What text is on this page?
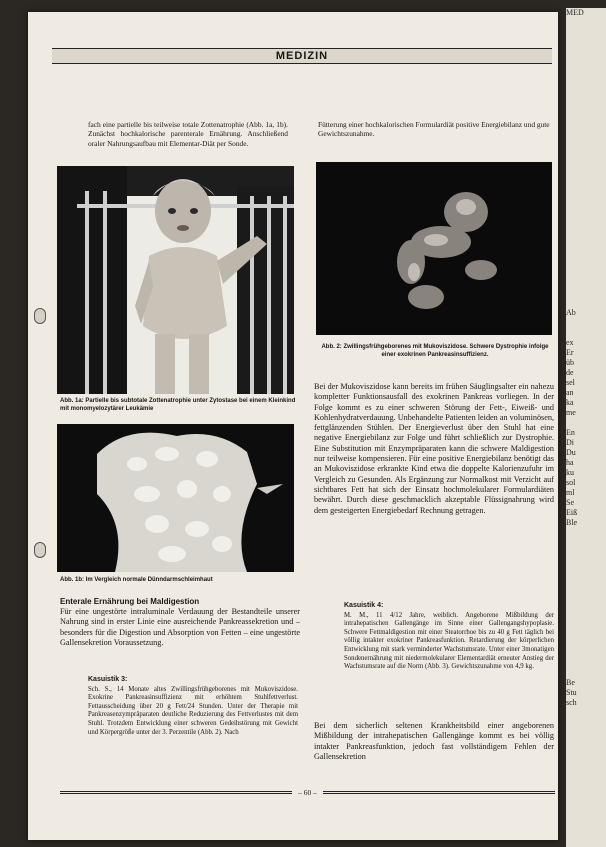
MED

Ab

ex
Er
üb
de
sel
an
ka
me

En
Di
Du
ha
ku
sol
ml
Se
Eiß
Ble

Be
Stu
sch
MEDIZIN
fach eine partielle bis teilweise totale Zottenatrophie (Abb. 1a, 1b). Zunächst hochkalorische parenterale Ernährung. Anschließend oraler Nahrungsaufbau mit Elementar-Diät per Sonde.
Fütterung einer hochkalorischen Formulardiät positive Energiebilanz und gute Gewichtszunahme.
Abb. 1a: Partielle bis subtotale Zottenatrophie unter Zytostase bei einem Kleinkind mit monomyelozytärer Leukämie
Abb. 1b: Im Vergleich normale Dünndarmschleimhaut
Abb. 2: Zwillingsfrühgeborenes mit Mukoviszidose. Schwere Dystrophie infolge einer exokrinen Pankreasinsuffizienz.
Enterale Ernährung bei Maldigestion
Für eine ungestörte intraluminale Verdauung der Bestandteile unserer Nahrung sind in erster Linie eine ausreichende Pankreassekretion und – besonders für die Digestion und Absorption von Fetten – eine ungestörte Gallensekretion Voraussetzung.
Kasuistik 3:
Sch. S., 14 Monate altes Zwillingsfrühgeborenes mit Mukoviszidose. Exokrine Pankreasinsuffizienz mit erhöhtem Stuhlfettverlust. Fettausscheidung über 20 g Fett/24 Stunden. Unter der Therapie mit Pankreasenzympräparaten deutliche Reduzierung des Fettverlustes mit dem Stuhl. Trotzdem Entwicklung einer schweren Gedeihstörung mit Gewicht und Körpergröße unter der 3. Perzentile (Abb. 2). Nach
Bei der Mukoviszidose kann bereits im frühen Säuglingsalter ein nahezu kompletter Funktionsausfall des exokrinen Pankreas vorliegen. In der Folge kommt es zu einer schweren Störung der Fett-, Eiweiß- und Kohlenhydratverdauung. Unbehandelte Patienten leiden an voluminösen, fettglänzenden Stühlen. Der Energieverlust über den Stuhl hat eine negative Energiebilanz zur Folge und führt schließlich zur Dystrophie. Eine Substitution mit Enzympräparaten kann die schwere Maldigestion nur teilweise kompensieren. Für eine positive Energiebilanz benötigt das an Mukoviszidose erkrankte Kind etwa die doppelte Kalorienzufuhr im Vergleich zu Gesunden. Als Ergänzung zur Normalkost mit Verzicht auf sichtbares Fett hat sich der Einsatz hochmolekularer Formulardiäten bewährt. Durch diese geschmacklich akzeptable Flüssignahrung wird dem gesteigerten Energiebedarf Rechnung getragen.
Kasuistik 4:
M. M., 11 4/12 Jahre, weiblich. Angeborene Mißbildung der intrahepatischen Gallengänge im Sinne einer Gallengangshypoplasie. Schwere Fettmaldigestion mit einer Steatorrhoe bis zu 40 g Fett täglich bei völlig intakter exokriner Pankreasfunktion. Retardierung der körperlichen Entwicklung mit stark verminderter Wachstumsrate. Unter einer 3monatigen Sondenernährung mit niedermolekularer Elementardiät erneuter Anstieg der Wachstumsrate auf die Norm (Abb. 3). Gewichtszunahme von 4,9 kg.
Bei dem sicherlich seltenen Krankheitsbild einer angeborenen Mißbildung der intrahepatischen Gallengänge kommt es bei völlig intakter Pankreasfunktion, jedoch fast vollständigem Fehlen der Gallensekretion
– 60 –
